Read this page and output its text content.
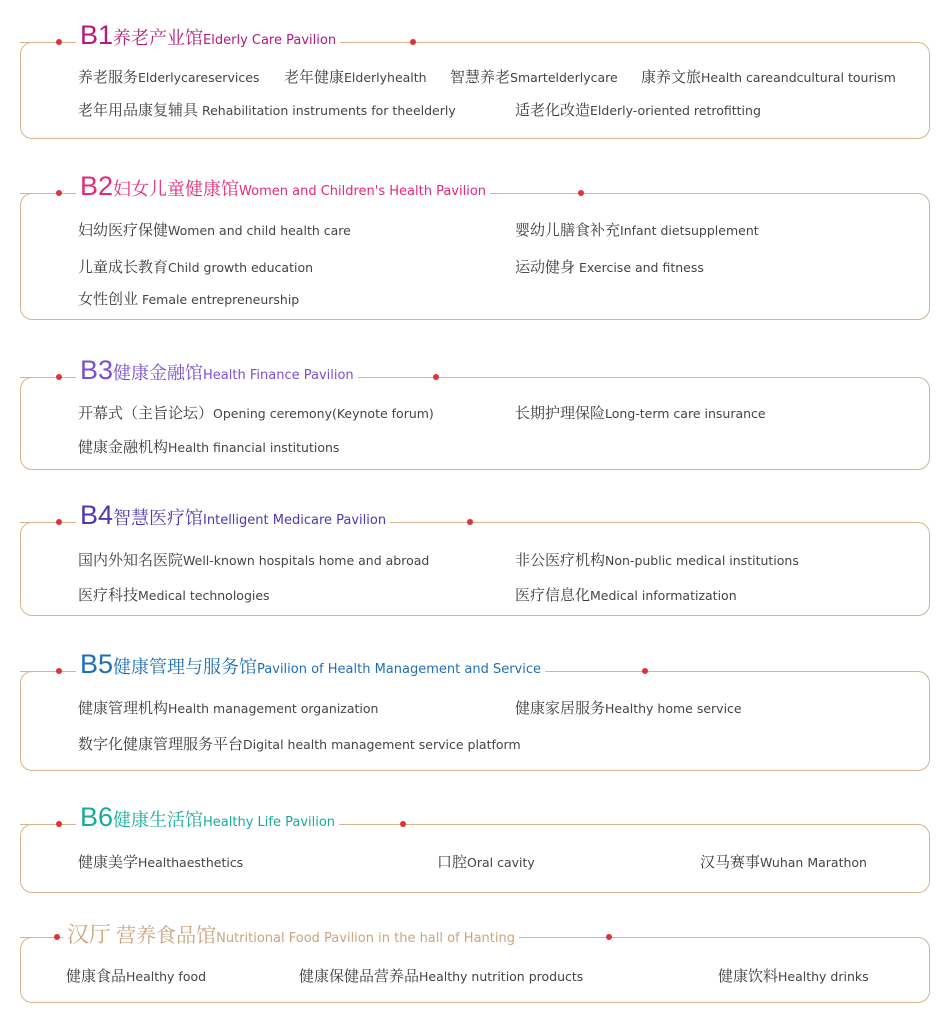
B1养老产业馆Elderly Care Pavilion
养老服务Elderlycareservices 老年健康Elderlyhealth 智慧养老Smartelderlycare 康养文旅Health careandcultural tourism
老年用品康复辅具 Rehabilitation instruments for theelderly	适老化改造Elderly-oriented retrofitting
B2妇女儿童健康馆Women and Children's Health Pavilion
妇幼医疗保健Women and child health care	婴幼儿膳食补充Infant dietsupplement
儿童成长教育Child growth education	运动健身 Exercise and fitness
女性创业 Female entrepreneurship
B3健康金融馆Health Finance Pavilion
开幕式（主旨论坛）Opening ceremony(Keynote forum)	长期护理保险Long-term care insurance
健康金融机构Health financial institutions
B4智慧医疗馆Intelligent Medicare Pavilion
国内外知名医院Well-known hospitals home and abroad	非公医疗机构Non-public medical institutions
医疗科技Medical technologies	医疗信息化Medical informatization
B5健康管理与服务馆Pavilion of Health Management and Service
健康管理机构Health management organization	健康家居服务Healthy home service
数字化健康管理服务平台Digital health management service platform
B6健康生活馆Healthy Life Pavilion
健康美学Healthaesthetics	口腔Oral cavity	汉马赛事Wuhan Marathon
汉厅 营养食品馆Nutritional Food Pavilion in the hall of Hanting
健康食品Healthy food	健康保健品营养品Healthy nutrition products	健康饮料Healthy drinks
